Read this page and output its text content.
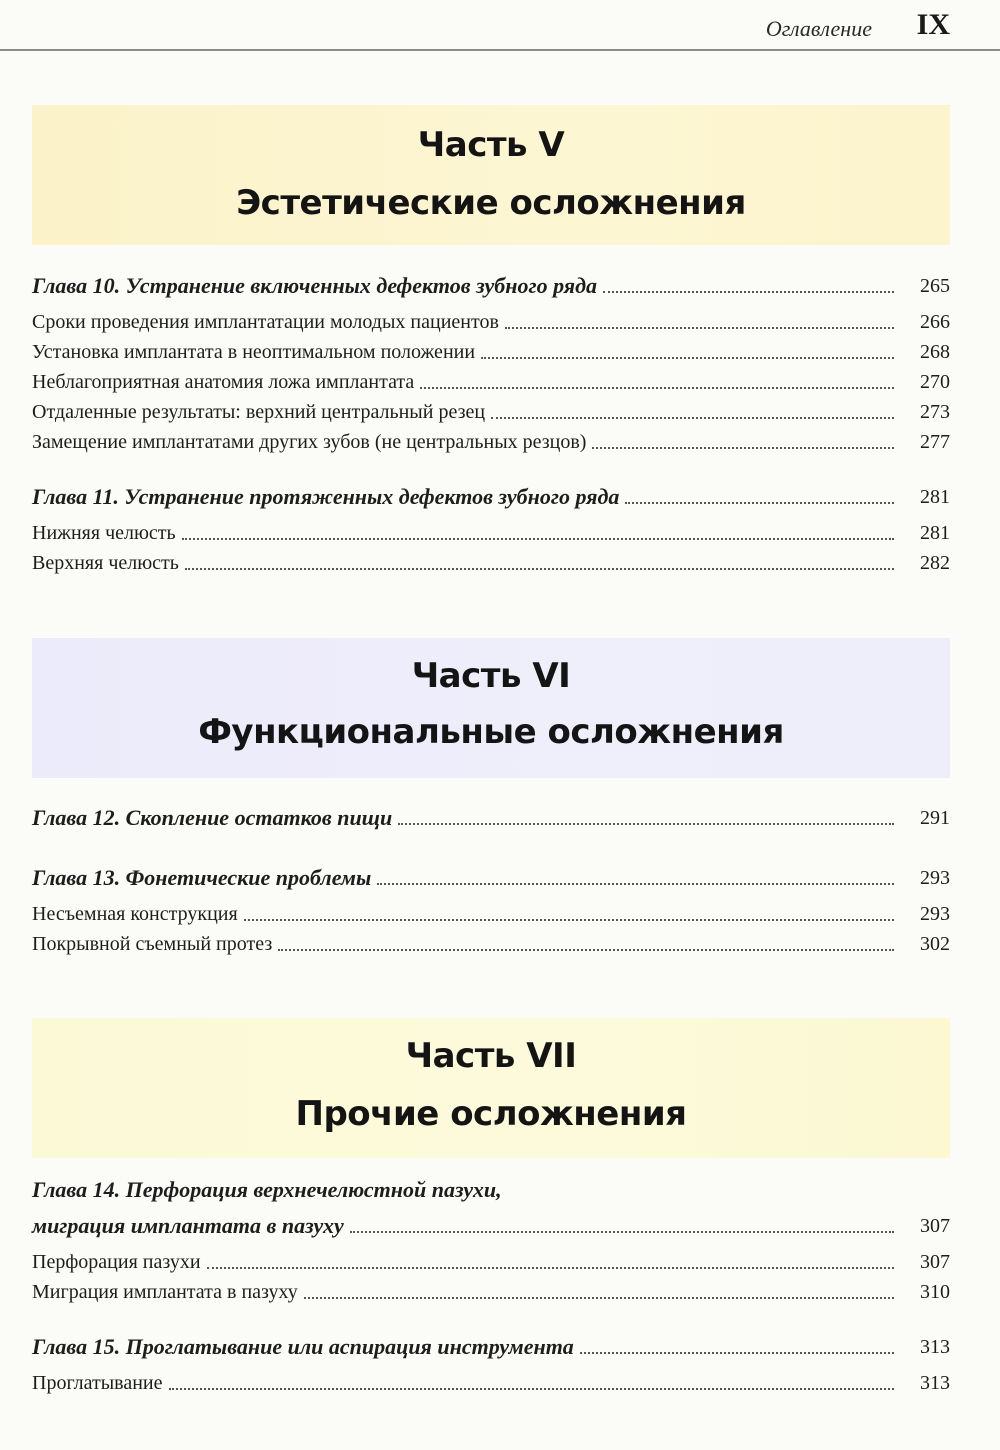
Оглавление IX
Часть V
Эстетические осложнения
Глава 10. Устранение включенных дефектов зубного ряда	265
Сроки проведения имплантатации молодых пациентов	266
Установка имплантата в неоптимальном положении	268
Неблагоприятная анатомия ложа имплантата	270
Отдаленные результаты: верхний центральный резец	273
Замещение имплантатами других зубов (не центральных резцов)	277
Глава 11. Устранение протяженных дефектов зубного ряда	281
Нижняя челюсть	281
Верхняя челюсть	282
Часть VI
Функциональные осложнения
Глава 12. Скопление остатков пищи	291
Глава 13. Фонетические проблемы	293
Несъемная конструкция	293
Покрывной съемный протез	302
Часть VII
Прочие осложнения
Глава 14. Перфорация верхнечелюстной пазухи,
миграция имплантата в пазуху	307
Перфорация пазухи	307
Миграция имплантата в пазуху	310
Глава 15. Проглатывание или аспирация инструмента	313
Проглатывание	313
